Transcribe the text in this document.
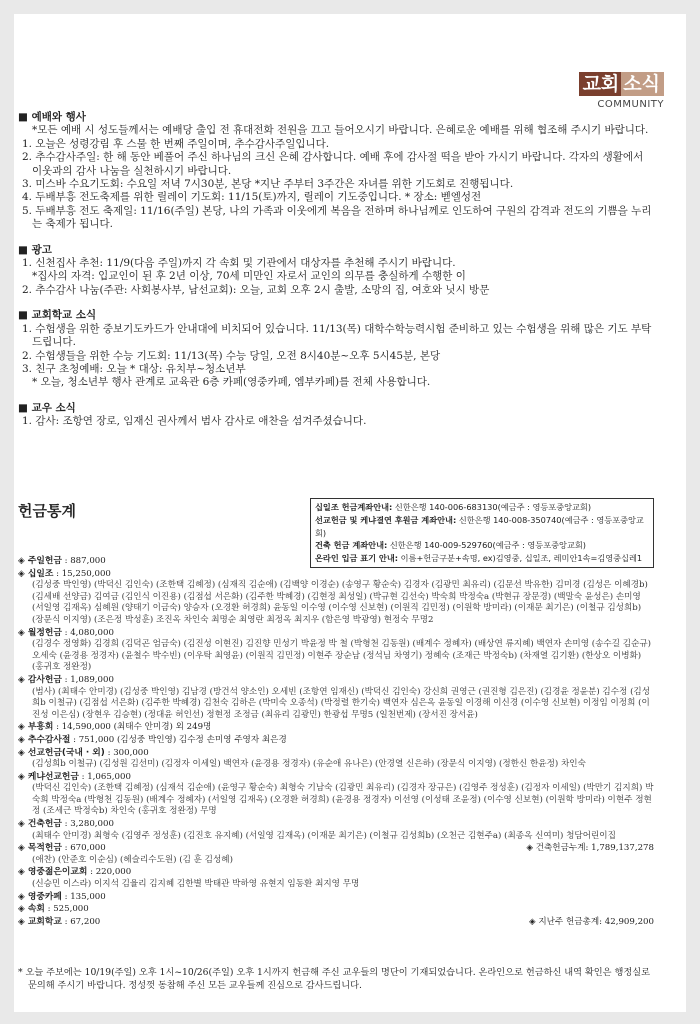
교회 소식
COMMUNITY
■ 예배와 행사

*모든 예배 시 성도들께서는 예배당 출입 전 휴대전화 전원을 끄고 들어오시기 바랍니다. 은혜로운 예배를 위해 협조해 주시기 바랍니다.

1. 오늘은 성령강림 후 스물 한 번째 주일이며, 추수감사주일입니다.

2. 추수감사주일: 한 해 동안 베풀어 주신 하나님의 크신 은혜 감사합니다. 예배 후에 감사절 떡을 받아 가시기 바랍니다. 각자의 생활에서 이웃과의 감사 나눔을 실천하시기 바랍니다.

3. 미스바 수요기도회: 수요일 저녁 7시30분, 본당 *지난 주부터 3주간은 자녀를 위한 기도회로 진행됩니다.

4. 두배부흥 전도축제를 위한 릴레이 기도회: 11/15(토)까지, 릴레이 기도중입니다. * 장소: 벧엘성전

5. 두배부흥 전도 축제일: 11/16(주일) 본당, 나의 가족과 이웃에게 복음을 전하며 하나님께로 인도하여 구원의 감격과 전도의 기쁨을 누리는 축제가 됩니다.

■ 광고

1. 신천집사 추천: 11/9(다음 주일)까지 각 속회 및 기관에서 대상자를 추천해 주시기 바랍니다.

*집사의 자격: 입교인이 된 후 2년 이상, 70세 미만인 자로서 교인의 의무를 충실하게 수행한 이

2. 추수감사 나눔(주관: 사회봉사부, 남선교회): 오늘, 교회 오후 2시 출발, 소망의 집, 여호와 닛시 방문

■ 교회학교 소식

1. 수험생을 위한 중보기도카드가 안내대에 비치되어 있습니다. 11/13(목) 대학수학능력시험 준비하고 있는 수험생을 위해 많은 기도 부탁드립니다.

2. 수험생들을 위한 수능 기도회: 11/13(목) 수능 당일, 오전 8시40분~오후 5시45분, 본당

3. 친구 초청예배: 오늘 * 대상: 유치부~청소년부

* 오늘, 청소년부 행사 관계로 교육관 6층 카페(영중카페, 엠부카페)를 전체 사용합니다.

■ 교우 소식

1. 감사: 조항연 장로, 임재신 권사께서 범사 감사로 애찬을 섬겨주셨습니다.

헌금통계	십일조 헌금계좌안내: 신한은행 140-006-683130(예금주 : 영등포중앙교회)
선교헌금 및 케냐결연 후원금 계좌안내: 신한은행 140-008-350740(예금주 : 영등포중앙교회)
건축 헌금 계좌안내: 신한은행 140-009-529760(예금주 : 영등포중앙교회)
온라인 입금 표기 안내: 이름+헌금구분+속명, ex)김영중, 십일조, 레미안1속=김영중십레1
◈ 주일헌금 : 887,000
◈ 십일조 : 15,250,000
(김성중 박인영) (박덕신 김인숙) (조한택 김혜정) (심재직 김순애) (김백양 이경순) (송영구 황순숙) 김경자 (김광민 최유리) (김문선 박유한) 김미경 (김성은 이혜경b) (김세배 선양금) 김여금 (김인식 이진용) (김점섭 서은화) (김주한 박혜경) (김현정 최성일) (박규현 김선숙) 박숙희 박정숙a (박현규 장문경) (백말숙 윤성은) 손미영 (서일영 김재옥) 심혜원 (양태기 이금숙) 양승자 (오경환 허경희) 윤동일 이수영 (이수영 신보현) (이원직 김민정) (이원학 방미라) (이재문 최기은) (이철규 김성희b) (장문식 이지영) (조은정 박성훈) 조진옥 차인숙 최명순 최영란 최정옥 최지우 (함은영 박광영) 현정숙 무명2
◈ 월정헌금 : 4,080,000
(김경수 정영화) 김경희 (김덕곤 엄금숙) (김진성 이현진) 김진향 민성기 박윤정 박 철 (박형천 김동원) (배계수 정혜자) (배상연 류지혜) 백연자 손미영 (송수길 김순규) 오세숙 (윤경용 정경자) (윤철수 박수빈) (이우탁 최영윤) (이원직 김민정) 이현주 장순남 (정석님 차영기) 정혜숙 (조재근 박정숙b) (차재열 김기환) (한상오 이병화) (홍귀호 정완정)
◈ 감사헌금 : 1,089,000
(범사) (최태수 안미경) (김성중 박인영) 김남경 (방건석 양소인) 오세빈 (조항연 임재신) (박덕신 김인숙) 강신희 권영근 (권진형 김은진) (김경윤 정윤분) 김수정 (김성희b 이철규) (김점섭 서은화) (김주한 박혜경) 김천숙 김하은 (박미숙 오종석) (박정렬 한기숙) 백연자 심은옥 윤동일 이경해 이신경 (이수영 신보현) 이정임 이정희 (이진성 이은심) (장현우 김승현) (정대윤 허인선) 정현정 조정금 (최유리 김광민) 한광섭 무명5 (일천번제) (장서진 장서윤)
◈ 부흥회 : 14,590,000 (최태수 안미경) 외 249명
◈ 추수감사절 : 751,000 (김성중 박인영) 김수정 손미영 주영자 최은경
◈ 선교헌금(국내 · 외) : 300,000
(김성희b 이철규) (김성원 김선미) (김정자 이세일) 백연자 (윤경용 정경자) (유순애 유나은) (안경열 신은하) (장문식 이지영) (정한신 한윤정) 차인숙
◈ 케냐선교헌금 : 1,065,000
(박덕신 김인숙) (조한택 김혜정) (심재석 김순애) (윤영구 황순숙) 최형숙 기남숙 (김광민 최유리) (김경자 장규은) (김영주 정성훈) (김정자 이세일) (박만기 김지희) 박숙희 박정숙a (박형천 김동원) (배계수 정혜자) (서일영 김재옥) (오경환 허경희) (윤경용 정경자) 이선영 (이성태 조윤정) (이수영 신보현) (이원학 방미라) 이현주 정현정 (조세근 박정숙b) 차인숙 (홍귀호 정완정) 무명
◈ 건축헌금 : 3,280,000
(최태수 안미경) 최형숙 (김영주 정성훈) (김진호 유지혜) (서일영 김재옥) (이재문 최기은) (이철규 김성희b) (오천근 김현주a) (최종옥 신여미) 청담어린이집
◈ 목적헌금 : 670,000	◈ 건축헌금누계: 1,789,137,278
(애찬) (안준호 이순심) (헤슬리수도원) (김 훈 김성혜)
◈ 영중젊은이교회 : 220,000
(신승민 이스라) 이지석 김율리 김지혜 김한별 박태관 박하영 유현지 임동환 최지영 무명
◈ 영중카페 : 135,000
◈ 속회 : 525,000
◈ 교회학교 : 67,200	◈ 지난주 헌금총계: 42,909,200
* 오늘 주보에는 10/19(주일) 오후 1시~10/26(주일) 오후 1시까지 헌금해 주신 교우들의 명단이 기재되었습니다. 온라인으로 헌금하신 내역 확인은 행정실로 문의해 주시기 바랍니다. 정성껏 동참해 주신 모든 교우들께 진심으로 감사드립니다.
